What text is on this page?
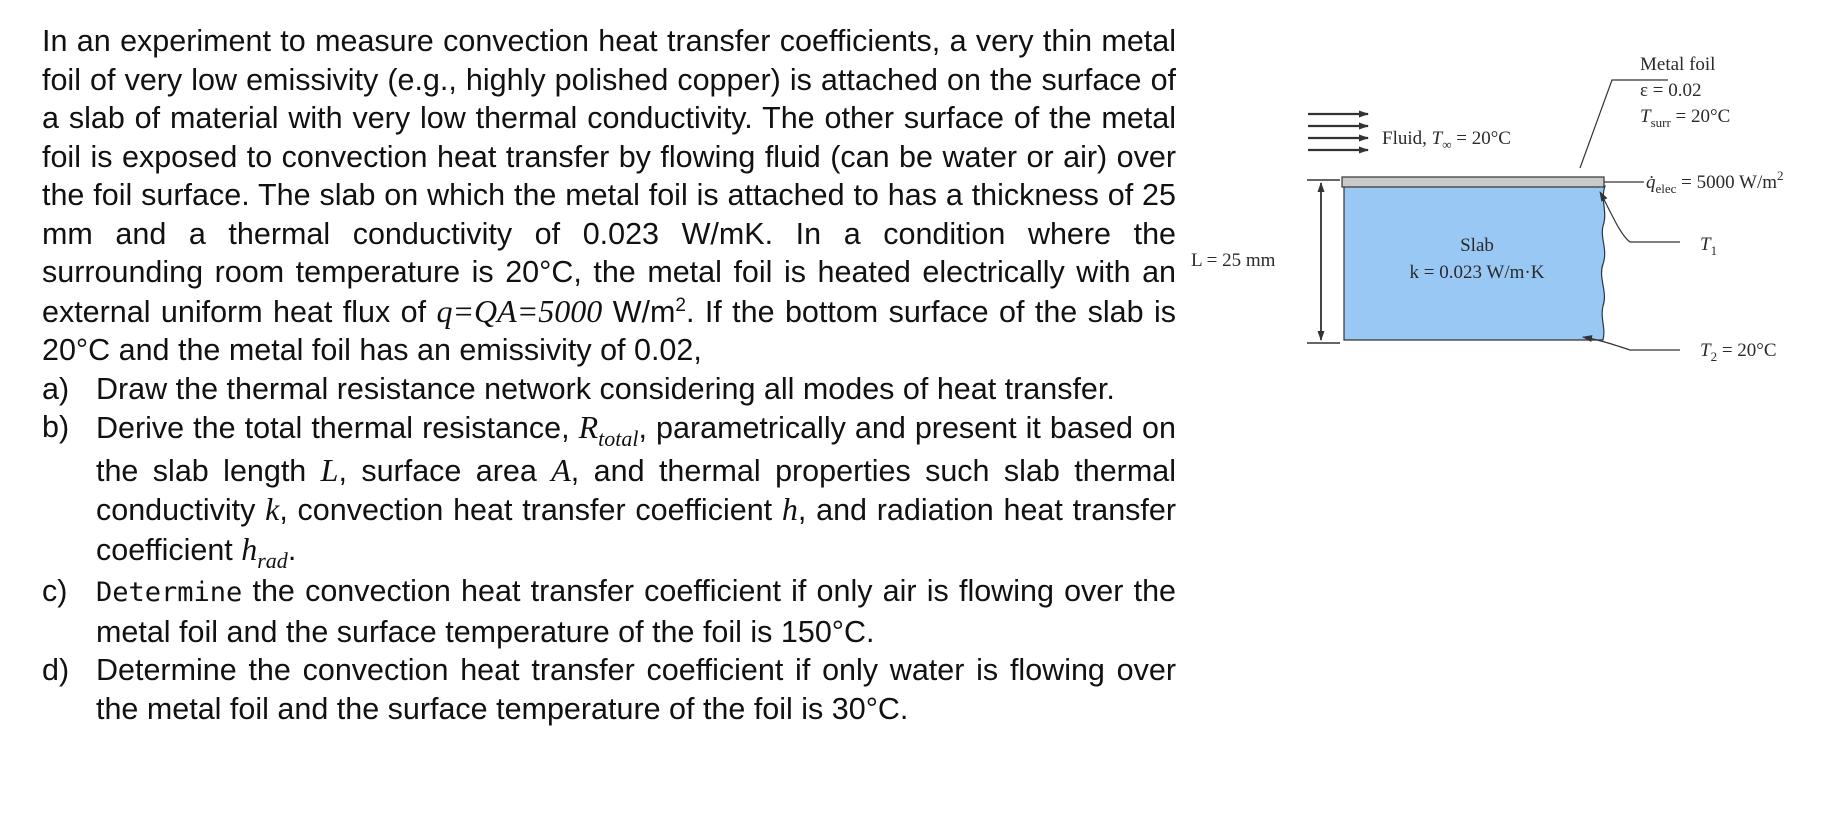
In an experiment to measure convection heat transfer coefficients, a very thin metal foil of very low emissivity (e.g., highly polished copper) is attached on the surface of a slab of material with very low thermal conductivity. The other surface of the metal foil is exposed to convection heat transfer by flowing fluid (can be water or air) over the foil surface. The slab on which the metal foil is attached to has a thickness of 25 mm and a thermal conductivity of 0.023 W/mK. In a condition where the surrounding room temperature is 20°C, the metal foil is heated electrically with an external uniform heat flux of q=QA=5000 $W/m^2$. If the bottom surface of the slab is 20°C and the metal foil has an emissivity of 0.02,

a) Draw the thermal resistance network considering all modes of heat transfer.
b) Derive the total thermal resistance, $R_{total}$, parametrically and present it based on the slab length L, surface area A, and thermal properties such slab thermal conductivity k, convection heat transfer coefficient h, and radiation heat transfer coefficient $h_{rad}$.
c)	Determine the convection heat transfer coefficient if only air is flowing over the metal foil and the surface temperature of the foil is 150°C.
d) Determine the convection heat transfer coefficient if only water is flowing over the metal foil and the surface temperature of the foil is 30°C.
Fluid, $T_\infty = 20^\circ C$
Slab
k = 0.023 W/m·K
L = 25 mm
Metal foil
ε = 0.02
$T_{surr} = 20^\circ C$
$q̇_{elec} = 5000$ $W/m^2$
$T_1$
$T_2 = 20^\circ C$
